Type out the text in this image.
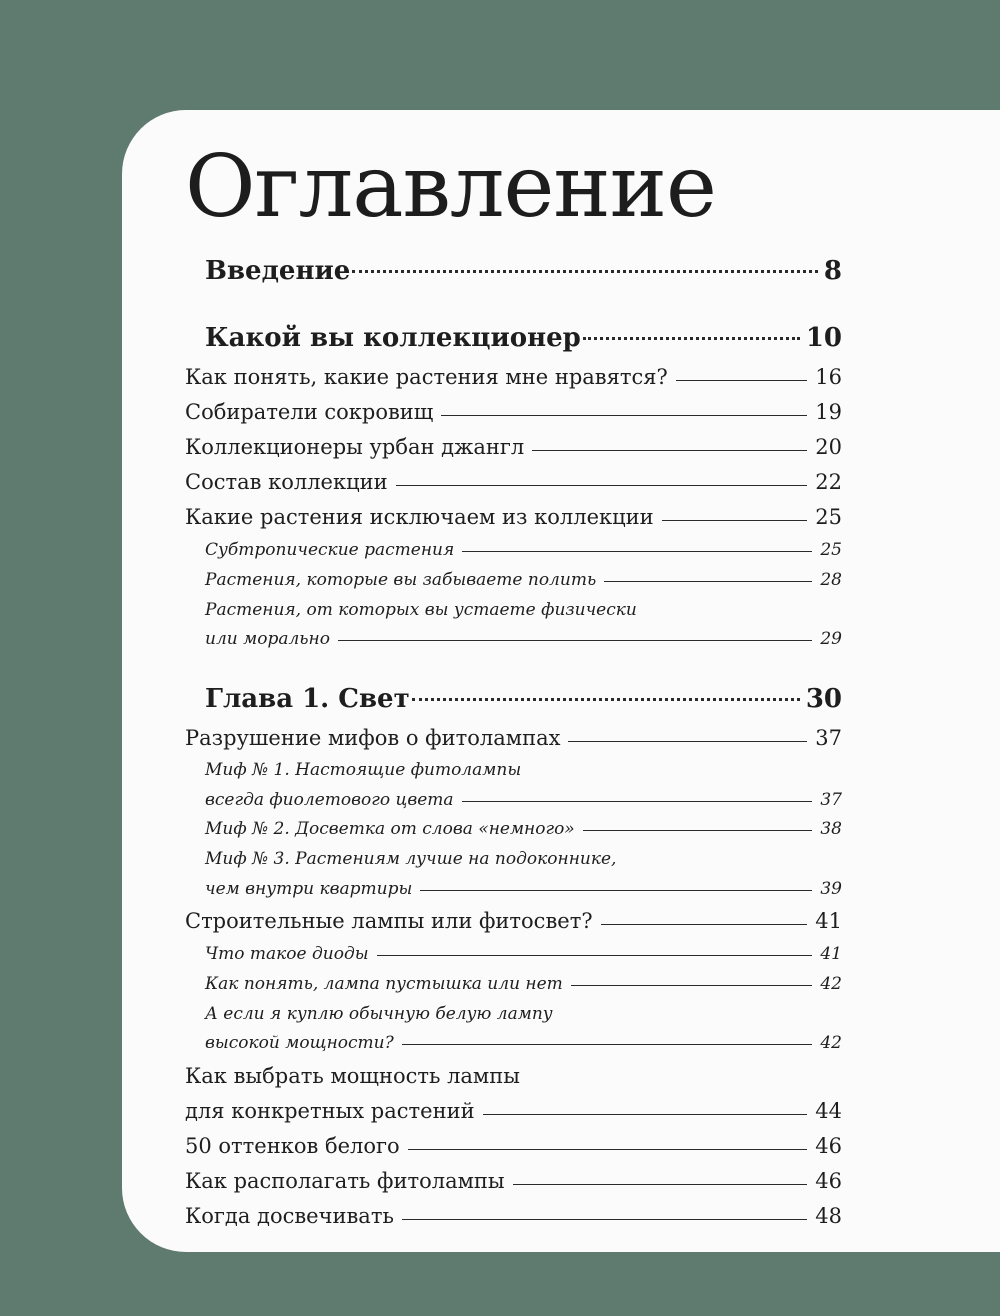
Оглавление
Введение	8
Какой вы коллекционер	10
Как понять, какие растения мне нравятся?	16
Собиратели сокровищ	19
Коллекционеры урбан джангл	20
Состав коллекции	22
Какие растения исключаем из коллекции	25
Субтропические растения	25
Растения, которые вы забываете полить	28
Растения, от которых вы устаете физически
или морально	29
Глава 1. Свет	30
Разрушение мифов о фитолампах	37
Миф № 1. Настоящие фитолампы
всегда фиолетового цвета	37
Миф № 2. Досветка от слова «немного»	38
Миф № 3. Растениям лучше на подоконнике,
чем внутри квартиры	39
Строительные лампы или фитосвет?	41
Что такое диоды	41
Как понять, лампа пустышка или нет	42
А если я куплю обычную белую лампу
высокой мощности?	42
Как выбрать мощность лампы
для конкретных растений	44
50 оттенков белого	46
Как располагать фитолампы	46
Когда досвечивать	48
